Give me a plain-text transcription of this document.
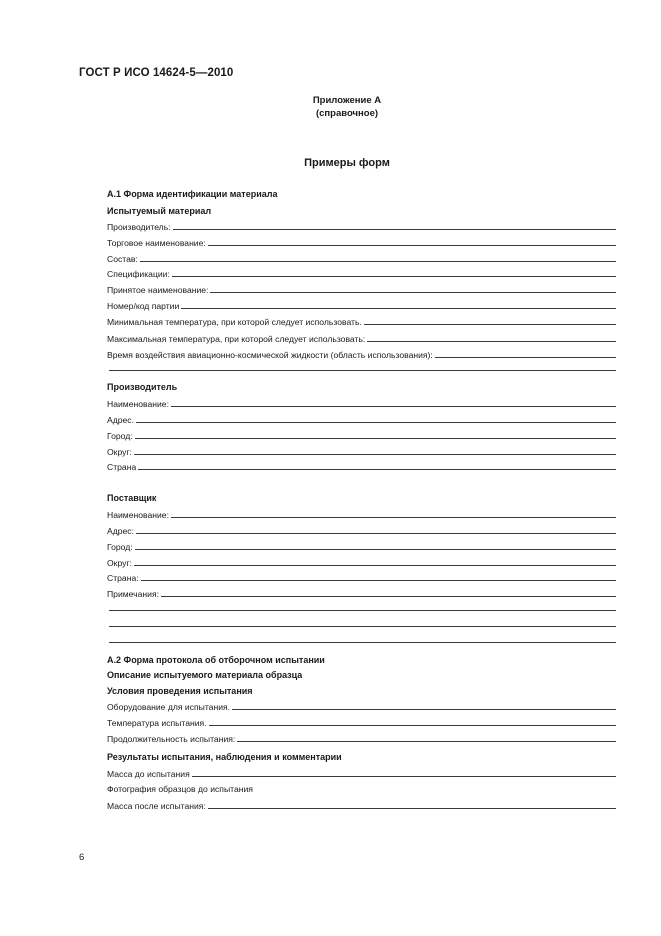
ГОСТ Р ИСО 14624-5—2010
Приложение А
(справочное)
Примеры форм
А.1 Форма идентификации материала
Испытуемый материал
Производитель:
Торговое наименование:
Состав:
Спецификации:
Принятое наименование:
Номер/код партии
Минимальная температура, при которой следует использовать.
Максимальная температура, при которой следует использовать:
Время воздействия авиационно-космической жидкости (область использования):
Производитель
Наименование:
Адрес.
Город:
Округ:
Страна
Поставщик
Наименование:
Адрес:
Город:
Округ:
Страна:
Примечания:
А.2 Форма протокола об отборочном испытании
Описание испытуемого материала образца
Условия проведения испытания
Оборудование для испытания.
Температура испытания.
Продолжительность испытания:
Результаты испытания, наблюдения и комментарии
Масса до испытания
Фотография образцов до испытания
Масса после испытания:
6
